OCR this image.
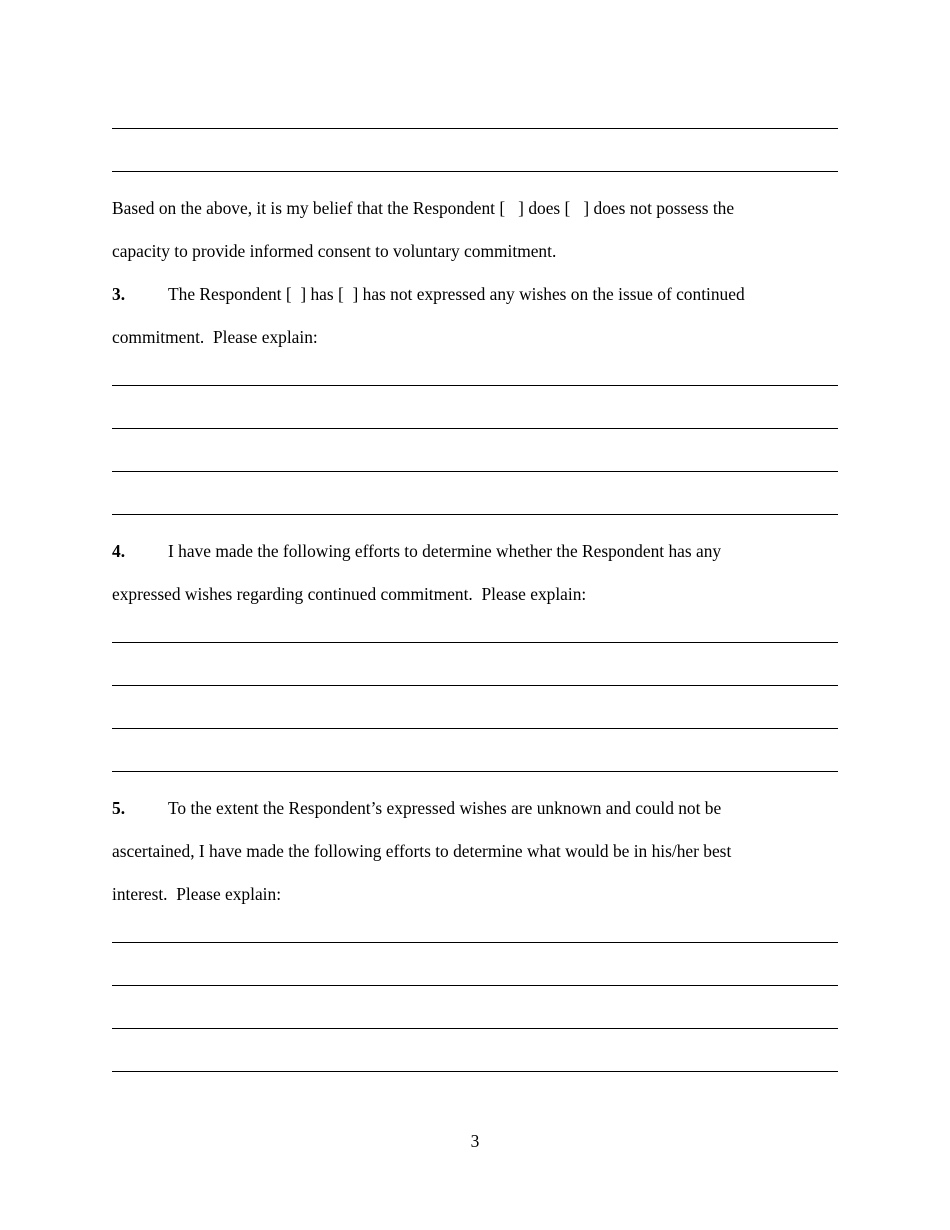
Based on the above, it is my belief that the Respondent [   ] does [   ] does not possess the
capacity to provide informed consent to voluntary commitment.
3. The Respondent [  ] has [  ] has not expressed any wishes on the issue of continued
commitment.  Please explain:
4. I have made the following efforts to determine whether the Respondent has any
expressed wishes regarding continued commitment.  Please explain:
5. To the extent the Respondent’s expressed wishes are unknown and could not be
ascertained, I have made the following efforts to determine what would be in his/her best
interest.  Please explain:
3
